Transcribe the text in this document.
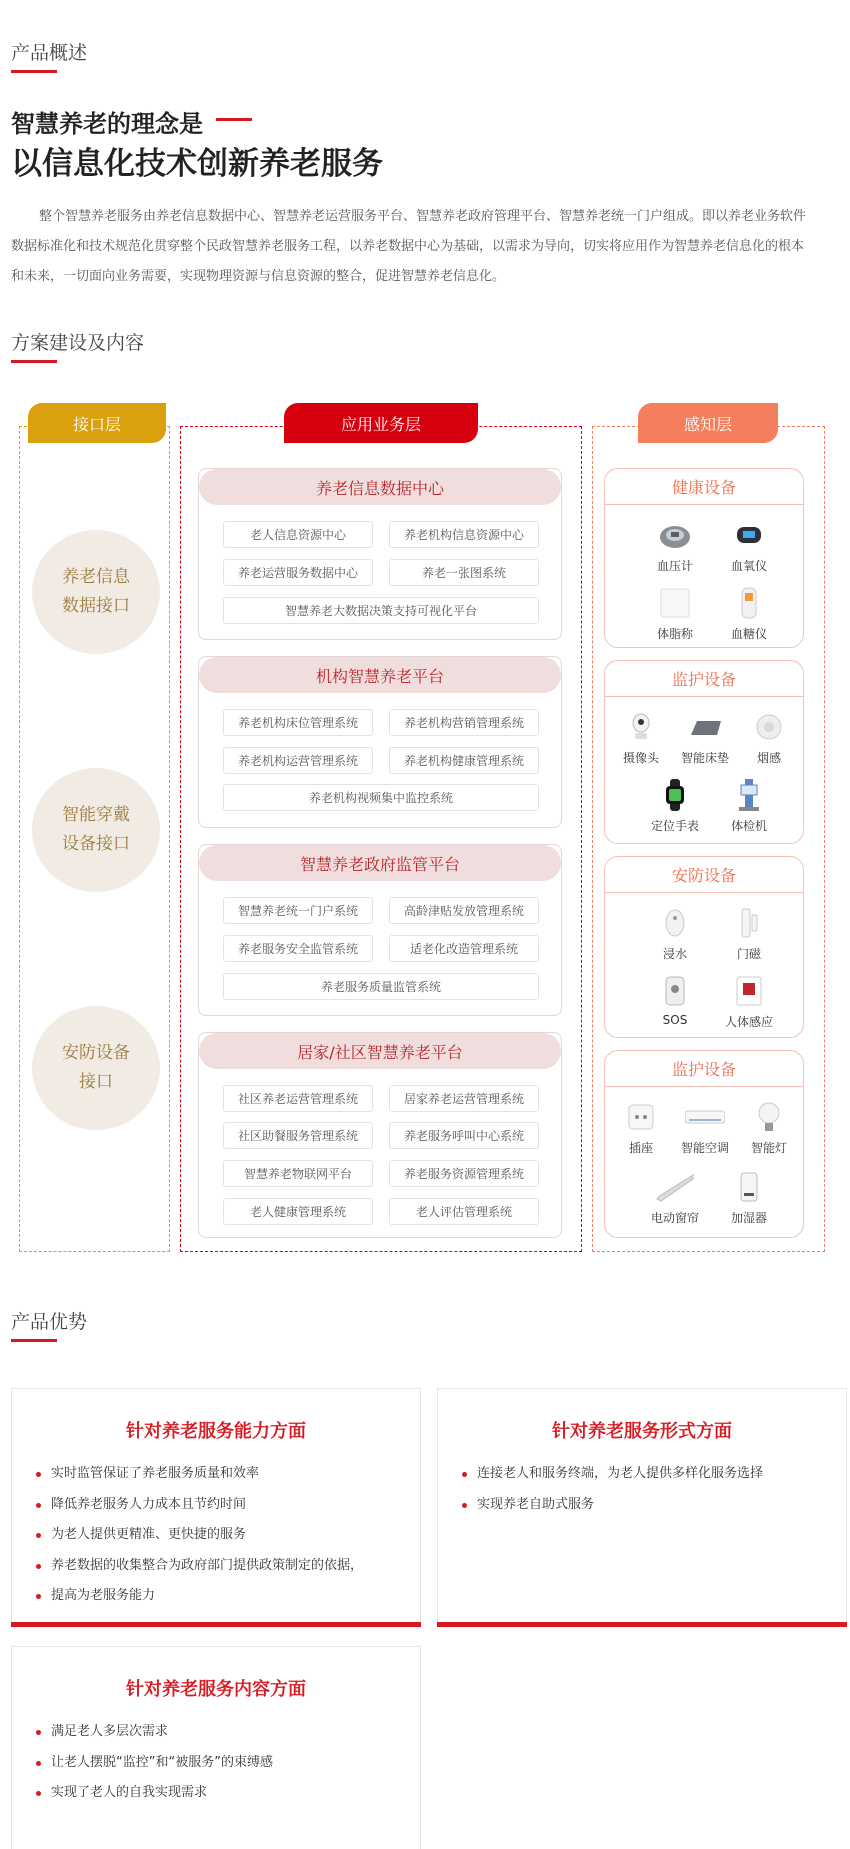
产品概述
智慧养老的理念是
以信息化技术创新养老服务

整个智慧养老服务由养老信息数据中心、智慧养老运营服务平台、智慧养老政府管理平台、智慧养老统一门户组成。即以养老业务软件数据标准化和技术规范化贯穿整个民政智慧养老服务工程，以养老数据中心为基础，以需求为导向，切实将应用作为智慧养老信息化的根本和未来，一切面向业务需要，实现物理资源与信息资源的整合，促进智慧养老信息化。

方案建设及内容
接口层
养老信息
数据接口
智能穿戴
设备接口
安防设备
接口
应用业务层
养老信息数据中心
老人信息资源中心	养老机构信息资源中心
养老运营服务数据中心	养老一张图系统
智慧养老大数据决策支持可视化平台
机构智慧养老平台
养老机构床位管理系统	养老机构营销管理系统
养老机构运营管理系统	养老机构健康管理系统
养老机构视频集中监控系统
智慧养老政府监管平台
智慧养老统一门户系统	高龄津贴发放管理系统
养老服务安全监管系统	适老化改造管理系统
养老服务质量监管系统
居家/社区智慧养老平台
社区养老运营管理系统	居家养老运营管理系统
社区助餐服务管理系统	养老服务呼叫中心系统
智慧养老物联网平台	养老服务资源管理系统
老人健康管理系统	老人评估管理系统
感知层
健康设备
血压计	血氧仪
体脂称	血糖仪
监护设备
摄像头	智能床垫	烟感
定位手表	体检机
安防设备
浸水	门磁
SOS	人体感应
监护设备
插座	智能空调	智能灯
电动窗帘	加湿器
产品优势
针对养老服务能力方面
实时监管保证了养老服务质量和效率
降低养老服务人力成本且节约时间
为老人提供更精准、更快捷的服务
养老数据的收集整合为政府部门提供政策制定的依据，
提高为老服务能力
针对养老服务形式方面
连接老人和服务终端，为老人提供多样化服务选择
实现养老自助式服务
针对养老服务内容方面
满足老人多层次需求
让老人摆脱“监控”和“被服务”的束缚感
实现了老人的自我实现需求
